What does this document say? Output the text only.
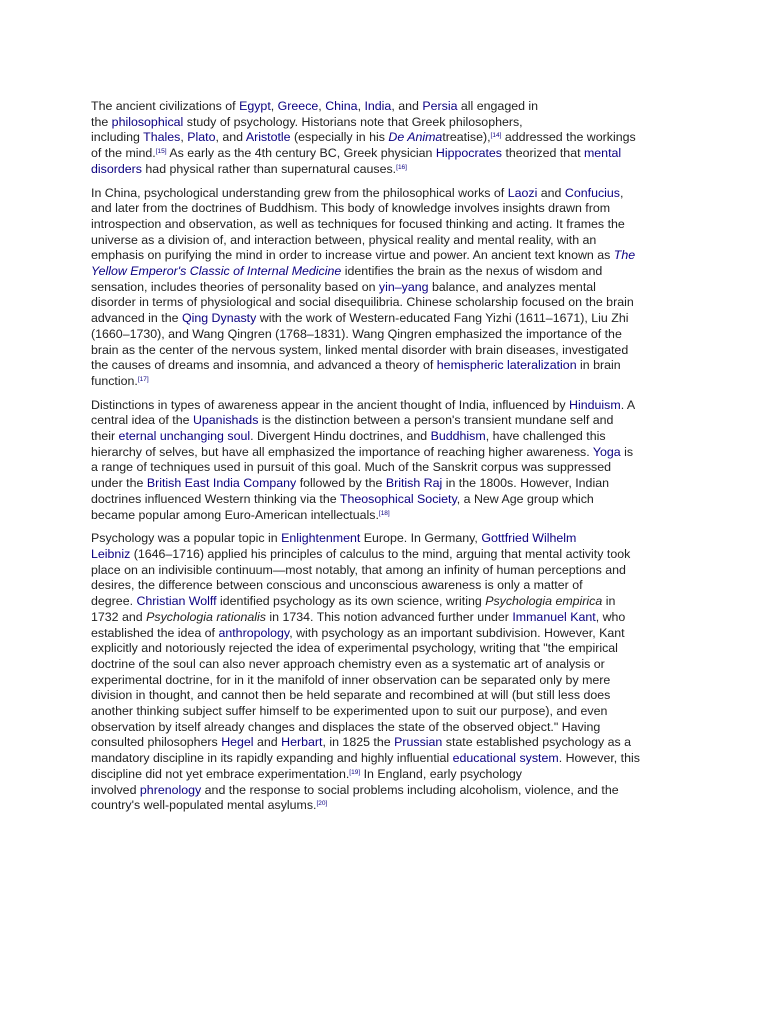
The ancient civilizations of Egypt, Greece, China, India, and Persia all engaged in
the philosophical study of psychology. Historians note that Greek philosophers,
including Thales, Plato, and Aristotle (especially in his De Animatreatise),[14] addressed the workings
of the mind.[15] As early as the 4th century BC, Greek physician Hippocrates theorized that mental
disorders had physical rather than supernatural causes.[16]

In China, psychological understanding grew from the philosophical works of Laozi and Confucius,
and later from the doctrines of Buddhism. This body of knowledge involves insights drawn from
introspection and observation, as well as techniques for focused thinking and acting. It frames the
universe as a division of, and interaction between, physical reality and mental reality, with an
emphasis on purifying the mind in order to increase virtue and power. An ancient text known as The
Yellow Emperor's Classic of Internal Medicine identifies the brain as the nexus of wisdom and
sensation, includes theories of personality based on yin–yang balance, and analyzes mental
disorder in terms of physiological and social disequilibria. Chinese scholarship focused on the brain
advanced in the Qing Dynasty with the work of Western-educated Fang Yizhi (1611–1671), Liu Zhi
(1660–1730), and Wang Qingren (1768–1831). Wang Qingren emphasized the importance of the
brain as the center of the nervous system, linked mental disorder with brain diseases, investigated
the causes of dreams and insomnia, and advanced a theory of hemispheric lateralization in brain
function.[17]

Distinctions in types of awareness appear in the ancient thought of India, influenced by Hinduism. A
central idea of the Upanishads is the distinction between a person's transient mundane self and
their eternal unchanging soul. Divergent Hindu doctrines, and Buddhism, have challenged this
hierarchy of selves, but have all emphasized the importance of reaching higher awareness. Yoga is
a range of techniques used in pursuit of this goal. Much of the Sanskrit corpus was suppressed
under the British East India Company followed by the British Raj in the 1800s. However, Indian
doctrines influenced Western thinking via the Theosophical Society, a New Age group which
became popular among Euro-American intellectuals.[18]

Psychology was a popular topic in Enlightenment Europe. In Germany, Gottfried Wilhelm
Leibniz (1646–1716) applied his principles of calculus to the mind, arguing that mental activity took
place on an indivisible continuum—most notably, that among an infinity of human perceptions and
desires, the difference between conscious and unconscious awareness is only a matter of
degree. Christian Wolff identified psychology as its own science, writing Psychologia empirica in
1732 and Psychologia rationalis in 1734. This notion advanced further under Immanuel Kant, who
established the idea of anthropology, with psychology as an important subdivision. However, Kant
explicitly and notoriously rejected the idea of experimental psychology, writing that "the empirical
doctrine of the soul can also never approach chemistry even as a systematic art of analysis or
experimental doctrine, for in it the manifold of inner observation can be separated only by mere
division in thought, and cannot then be held separate and recombined at will (but still less does
another thinking subject suffer himself to be experimented upon to suit our purpose), and even
observation by itself already changes and displaces the state of the observed object." Having
consulted philosophers Hegel and Herbart, in 1825 the Prussian state established psychology as a
mandatory discipline in its rapidly expanding and highly influential educational system. However, this
discipline did not yet embrace experimentation.[19] In England, early psychology
involved phrenology and the response to social problems including alcoholism, violence, and the
country's well-populated mental asylums.[20]
